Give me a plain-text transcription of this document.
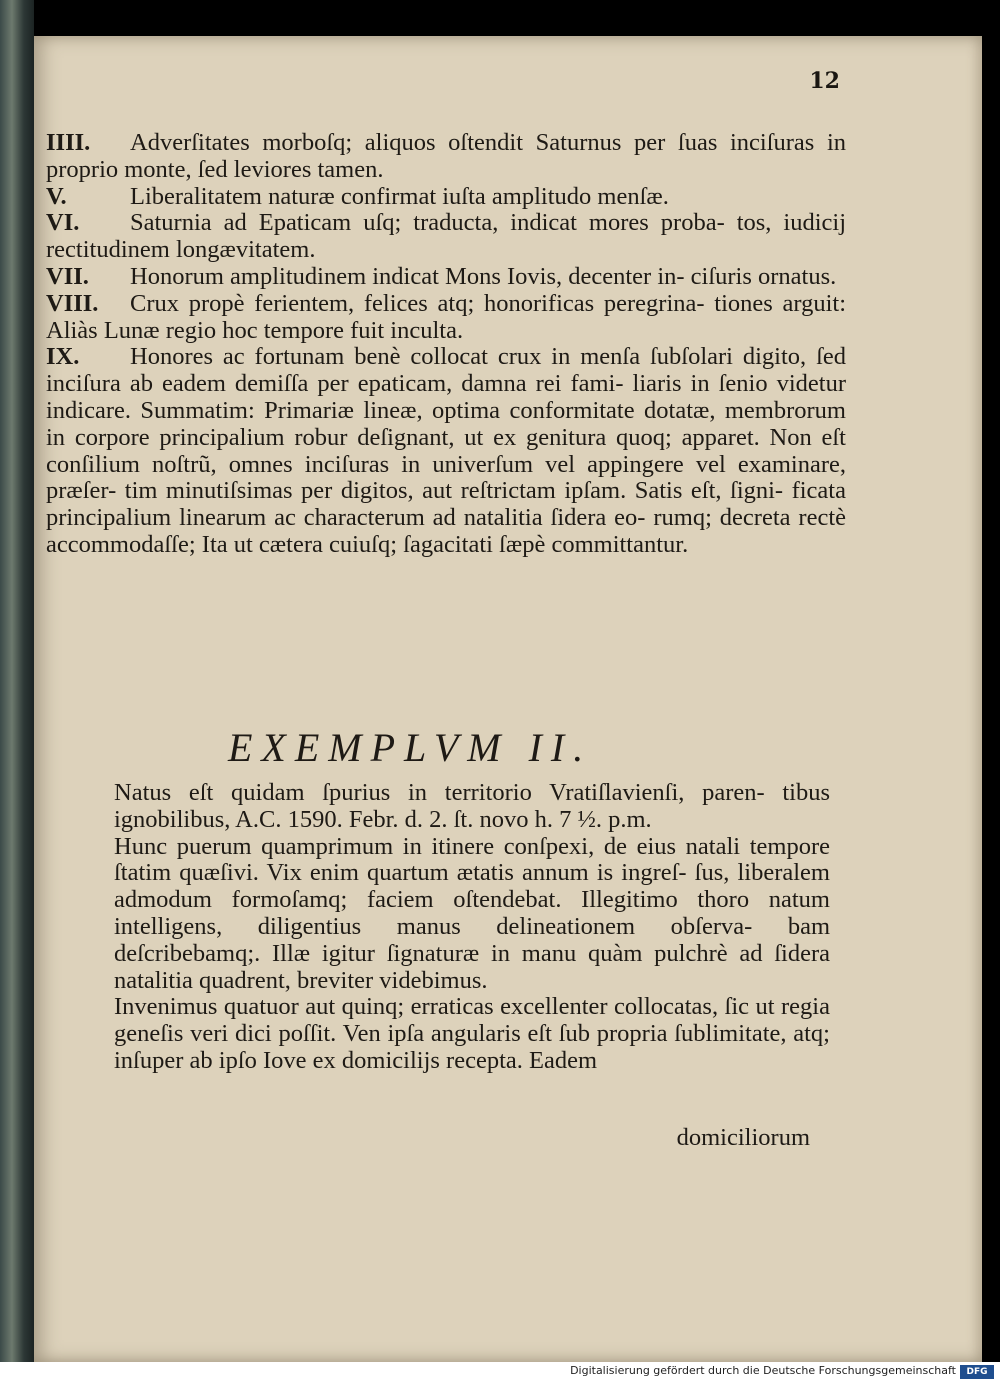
12
IIII. Adverſitates morboſq; aliquos oſtendit Saturnus per ſuas inciſuras in proprio monte, ſed leviores tamen.
V.	Liberalitatem naturæ confirmat iuſta amplitudo menſæ.
VI. Saturnia ad Epaticam uſq; traducta, indicat mores proba- tos, iudicij rectitudinem longævitatem.
VII. Honorum amplitudinem indicat Mons Iovis, decenter in- ciſuris ornatus.
VIII. Crux propè ferientem, felices atq; honorificas peregrina- tiones arguit: Aliàs Lunæ regio hoc tempore fuit inculta.
IX. Honores ac fortunam benè collocat crux in menſa ſubſolari digito, ſed inciſura ab eadem demiſſa per epaticam, damna rei fami- liaris in ſenio videtur indicare. Summatim: Primariæ lineæ, optima conformitate dotatæ, membrorum in corpore principalium robur deſignant, ut ex genitura quoq; apparet. Non eſt conſilium noſtrũ, omnes inciſuras in univerſum vel appingere vel examinare, præſer- tim minutiſsimas per digitos, aut reſtrictam ipſam. Satis eſt, ſigni- ficata principalium linearum ac characterum ad natalitia ſidera eo- rumq; decreta rectè accommodaſſe; Ita ut cætera cuiuſq; ſagacitati ſæpè committantur.
EXEMPLVM II.
Natus eſt quidam ſpurius in territorio Vratiſlavienſi, paren- tibus ignobilibus, A.C. 1590. Febr. d. 2. ſt. novo h. 7 ½. p.m.
Hunc puerum quamprimum in itinere conſpexi, de eius natali tempore ſtatim quæſivi. Vix enim quartum ætatis annum is ingreſ- ſus, liberalem admodum formoſamq; faciem oſtendebat. Illegitimo thoro natum intelligens, diligentius manus delineationem obſerva- bam deſcribebamq;. Illæ igitur ſignaturæ in manu quàm pulchrè ad ſidera natalitia quadrent, breviter videbimus.
Invenimus quatuor aut quinq; erraticas excellenter collocatas, ſic ut regia geneſis veri dici poſſit. Ven ipſa angularis eſt ſub propria ſublimitate, atq; inſuper ab ipſo Iove ex domicilijs recepta. Eadem
domiciliorum
Digitalisierung gefördert durch die Deutsche Forschungsgemeinschaft	DFG
